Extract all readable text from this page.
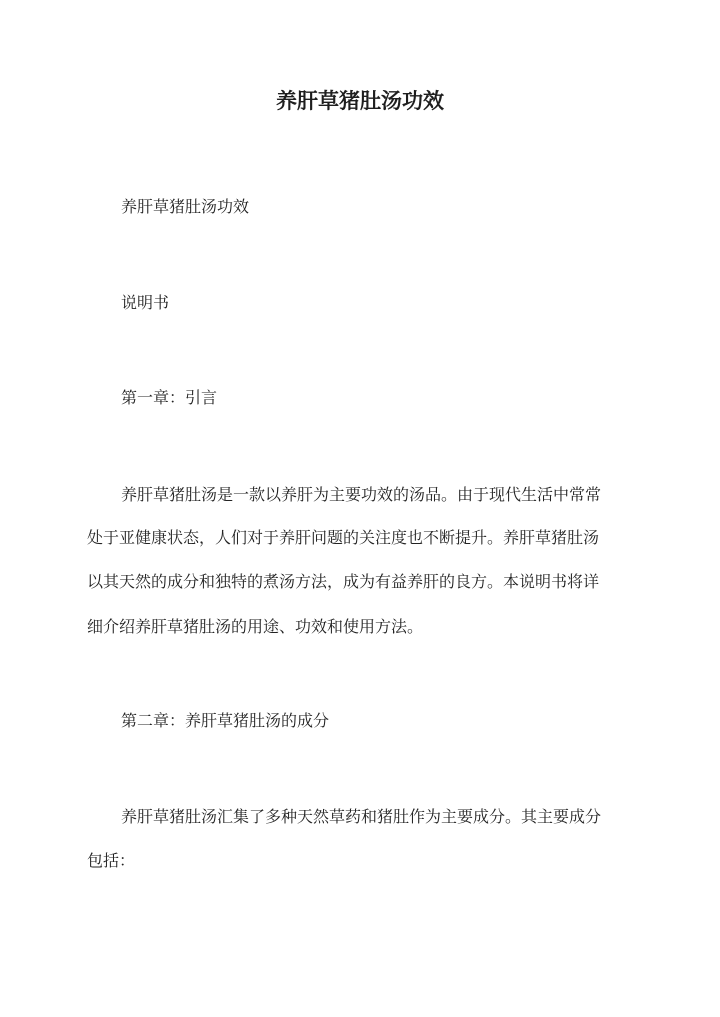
养肝草猪肚汤功效

养肝草猪肚汤功效

说明书

第一章：引言

养肝草猪肚汤是一款以养肝为主要功效的汤品。由于现代生活中常常

处于亚健康状态，人们对于养肝问题的关注度也不断提升。养肝草猪肚汤

以其天然的成分和独特的煮汤方法，成为有益养肝的良方。本说明书将详

细介绍养肝草猪肚汤的用途、功效和使用方法。

第二章：养肝草猪肚汤的成分

养肝草猪肚汤汇集了多种天然草药和猪肚作为主要成分。其主要成分

包括：
